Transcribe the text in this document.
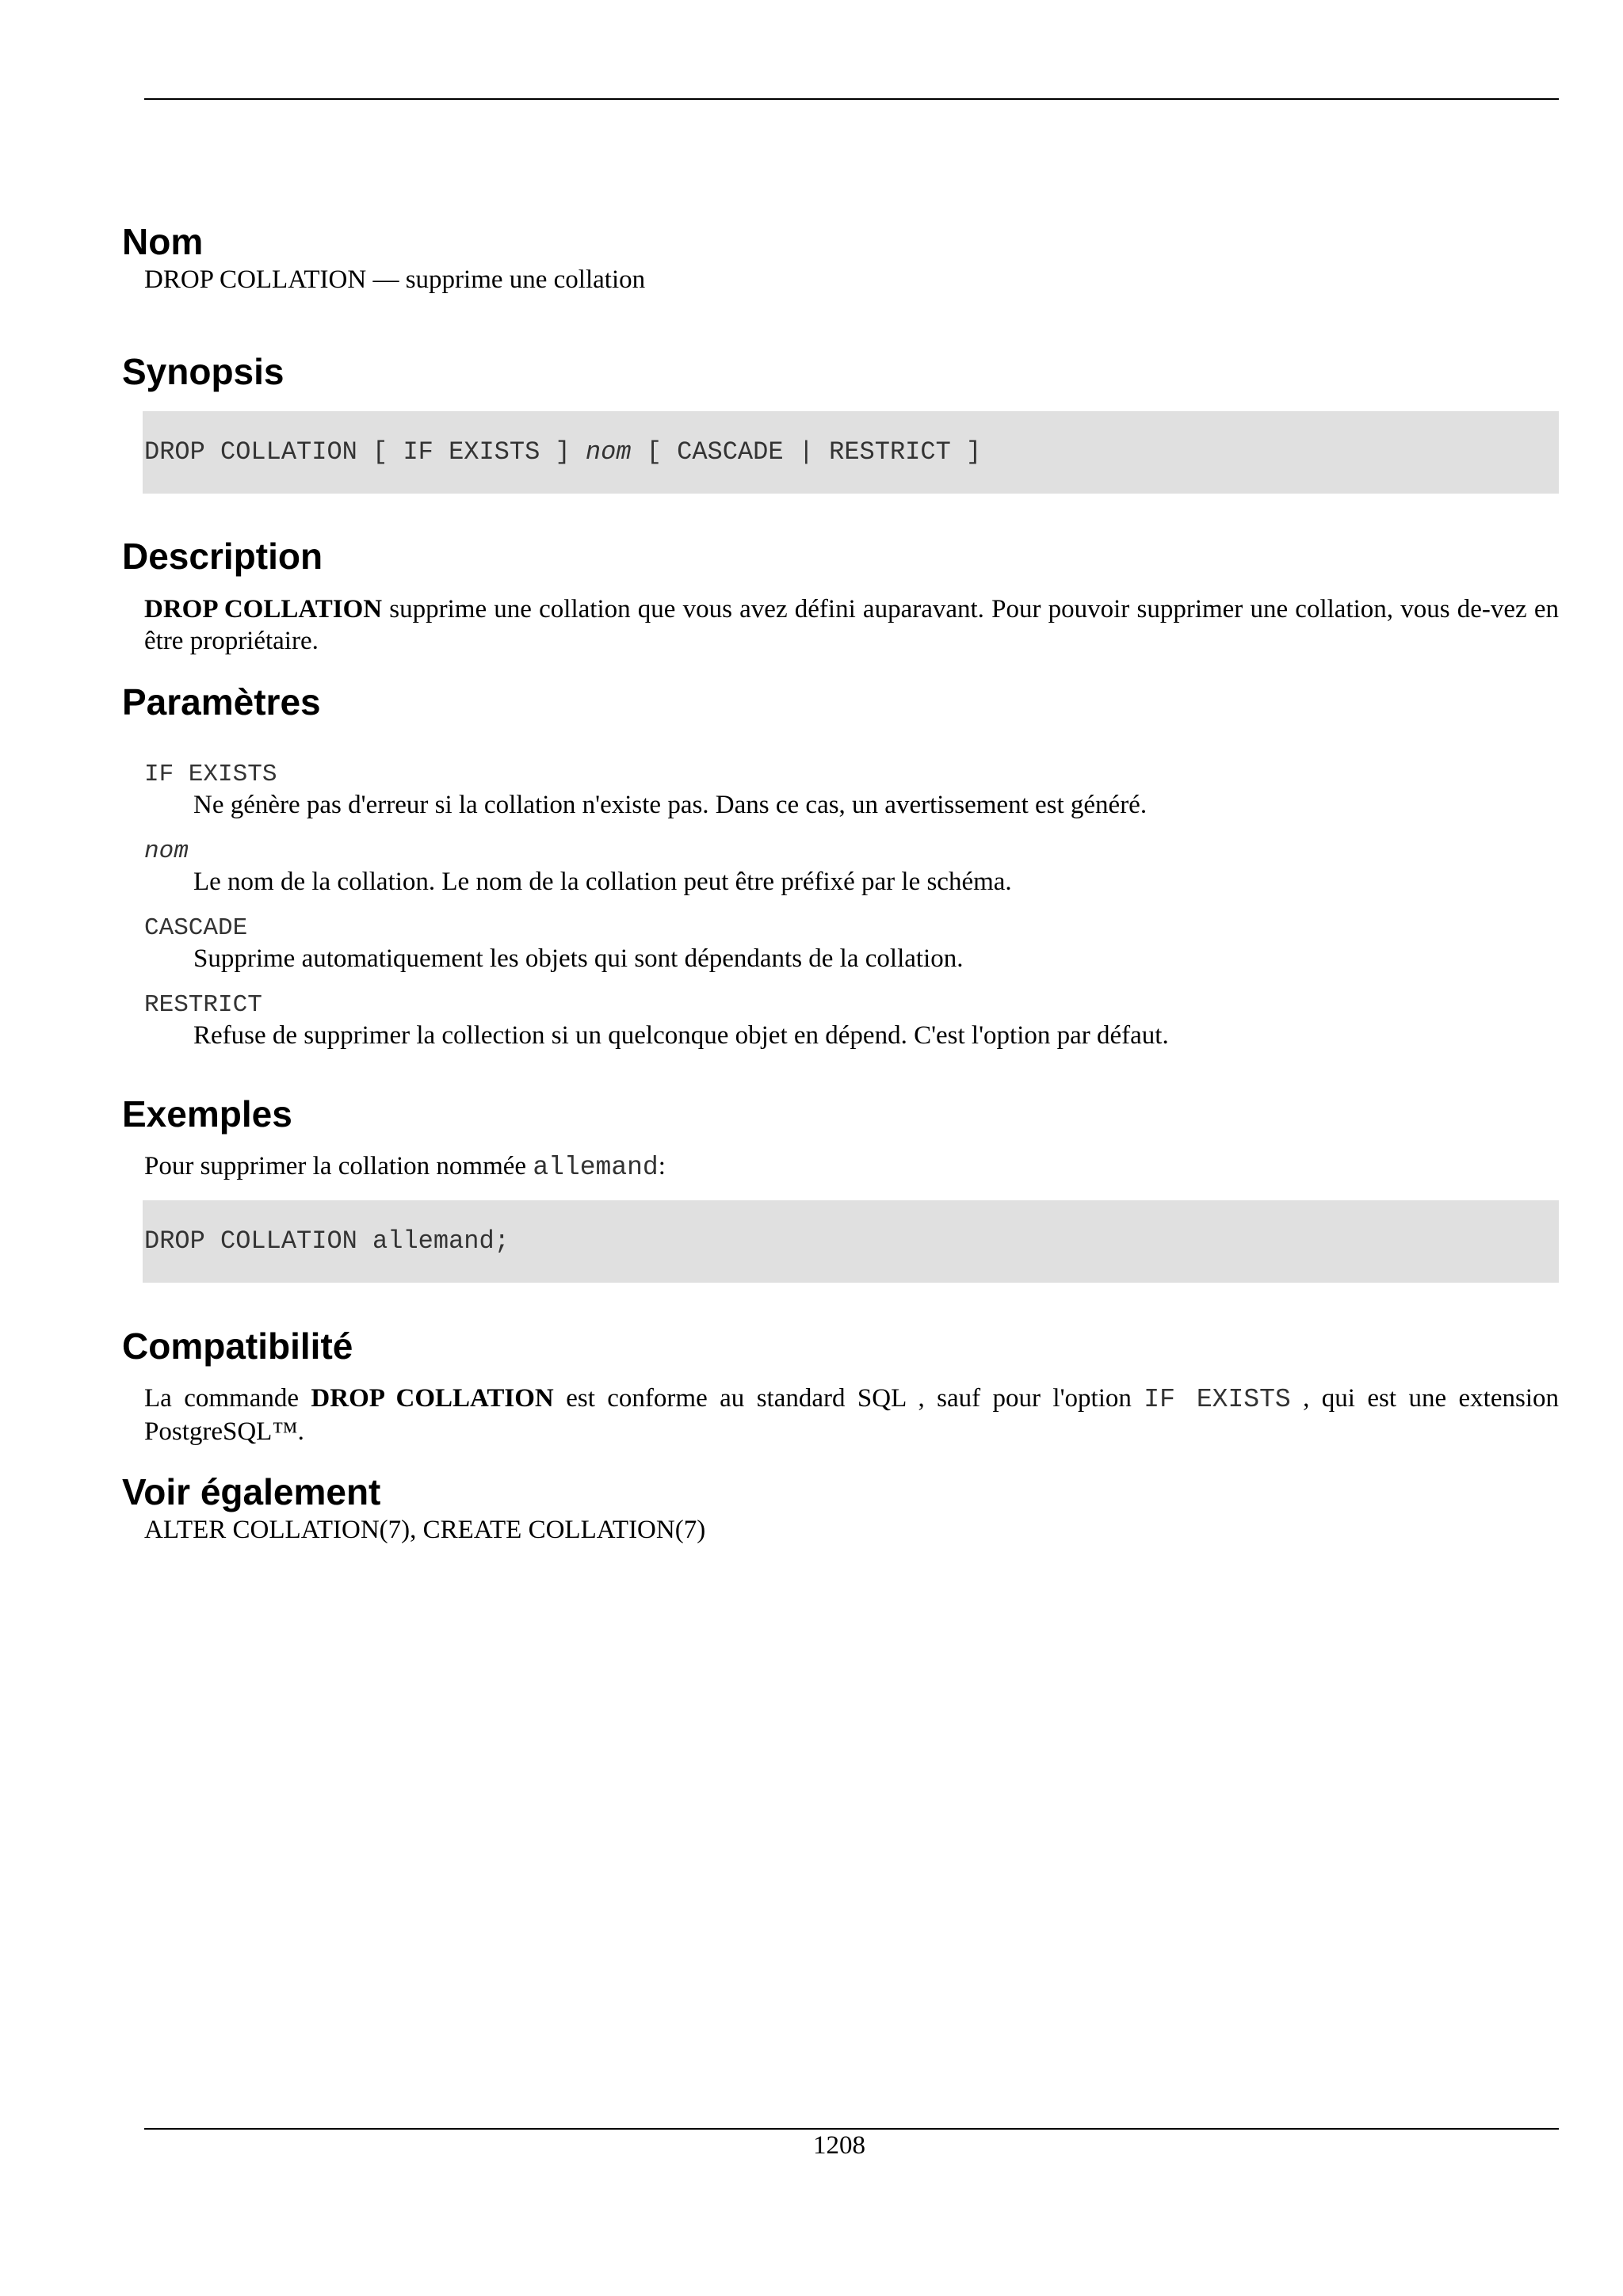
Nom

DROP COLLATION — supprime une collation

Synopsis
DROP COLLATION [ IF EXISTS ] nom [ CASCADE | RESTRICT ]
Description

DROP COLLATION supprime une collation que vous avez défini auparavant. Pour pouvoir supprimer une collation, vous de-vez en être propriétaire.

Paramètres
IF EXISTS
Ne génère pas d'erreur si la collation n'existe pas. Dans ce cas, un avertissement est généré.
nom
Le nom de la collation. Le nom de la collation peut être préfixé par le schéma.
CASCADE
Supprime automatiquement les objets qui sont dépendants de la collation.
RESTRICT
Refuse de supprimer la collection si un quelconque objet en dépend. C'est l'option par défaut.
Exemples

Pour supprimer la collation nommée allemand:

DROP COLLATION allemand;
Compatibilité

La commande DROP COLLATION est conforme au standard SQL , sauf pour l'option IF EXISTS , qui est une extension PostgreSQL™.

Voir également

ALTER COLLATION(7), CREATE COLLATION(7)

1208
